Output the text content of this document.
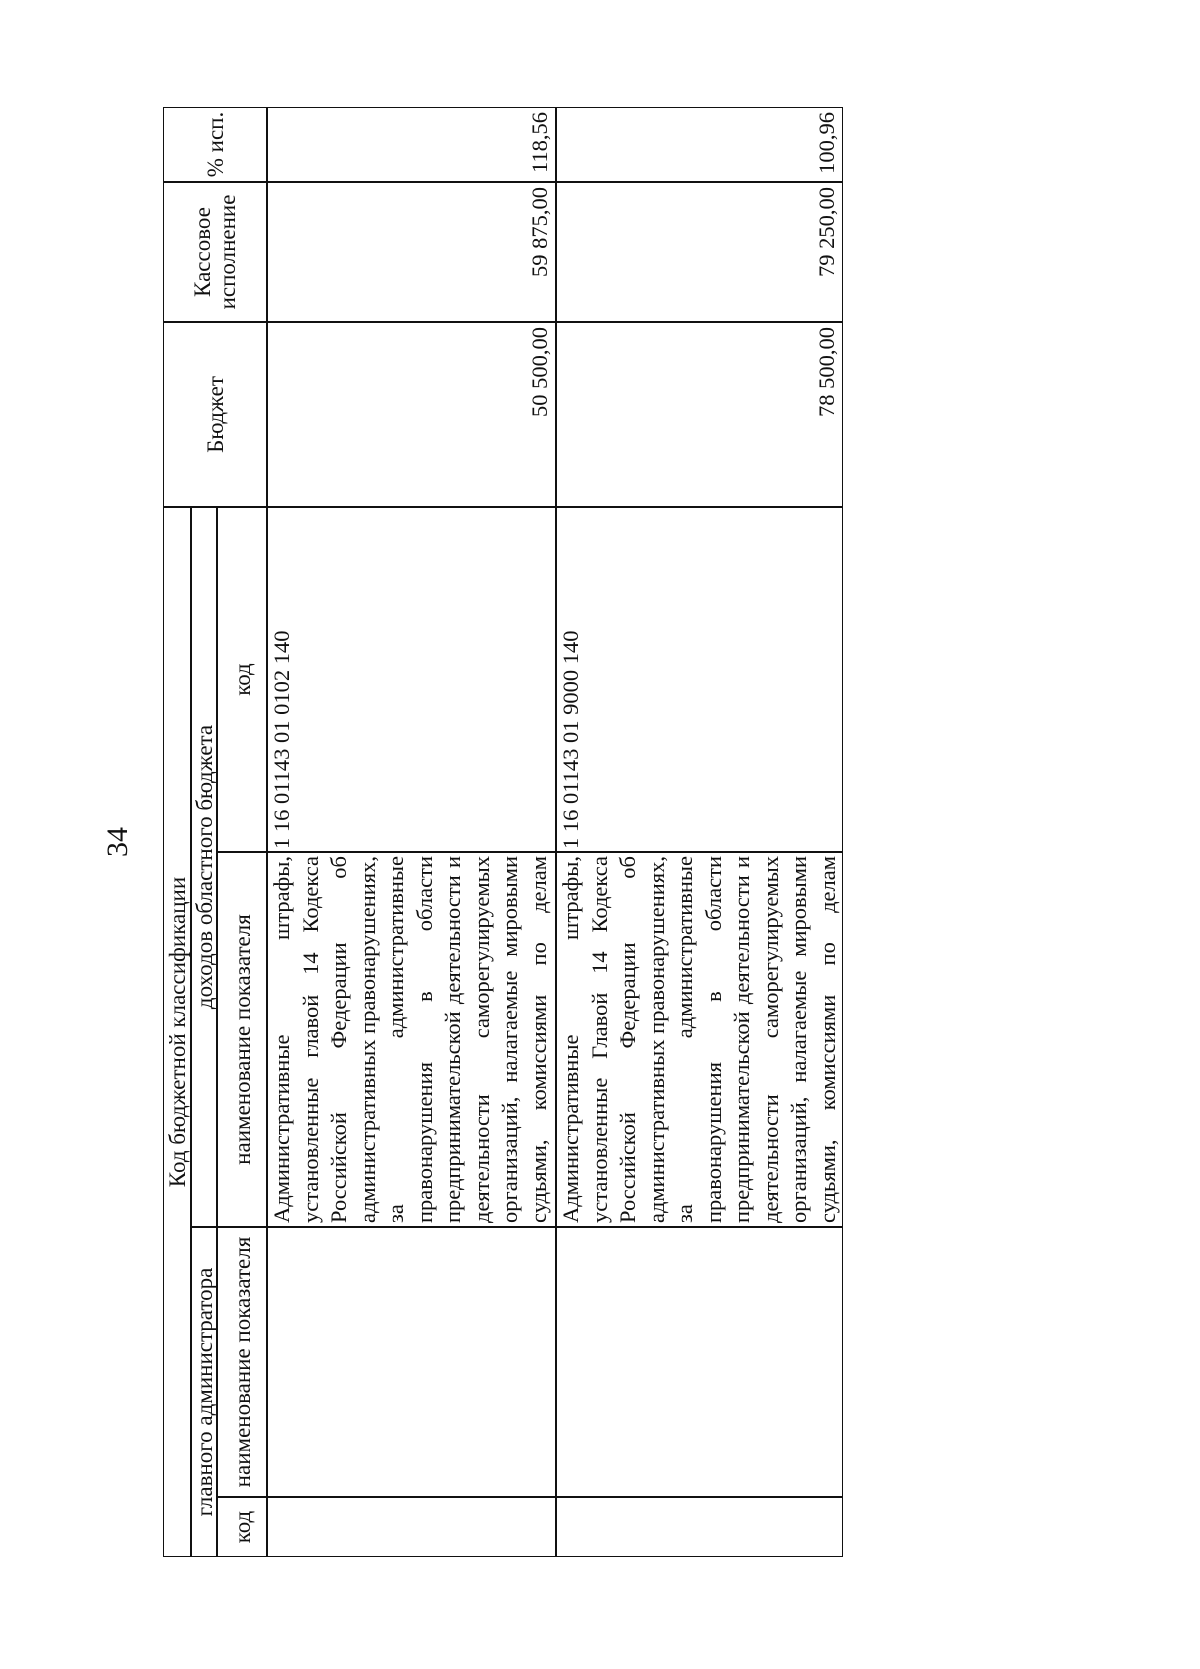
34
Код бюджетной классификации
главного администратора
доходов областного бюджета
код
наименование показателя
наименование показателя
код
Бюджет
Кассовое исполнение
% исп.
Административные штрафы, установленные главой 14 Кодекса Российской Федерации об административных правонарушениях, за административные правонарушения в области предпринимательской деятельности и деятельности саморегулируемых организаций, налагаемые мировыми судьями, комиссиями по делам несовершеннолетних защите их
1 16 01143 01 0102 140
50 500,00
59 875,00
118,56
Административные штрафы, установленные Главой 14 Кодекса Российской Федерации об административных правонарушениях, за административные правонарушения в области предпринимательской деятельности и деятельности саморегулируемых организаций, налагаемые мировыми судьями, комиссиями по делам
1 16 01143 01 9000 140
78 500,00
79 250,00
100,96
